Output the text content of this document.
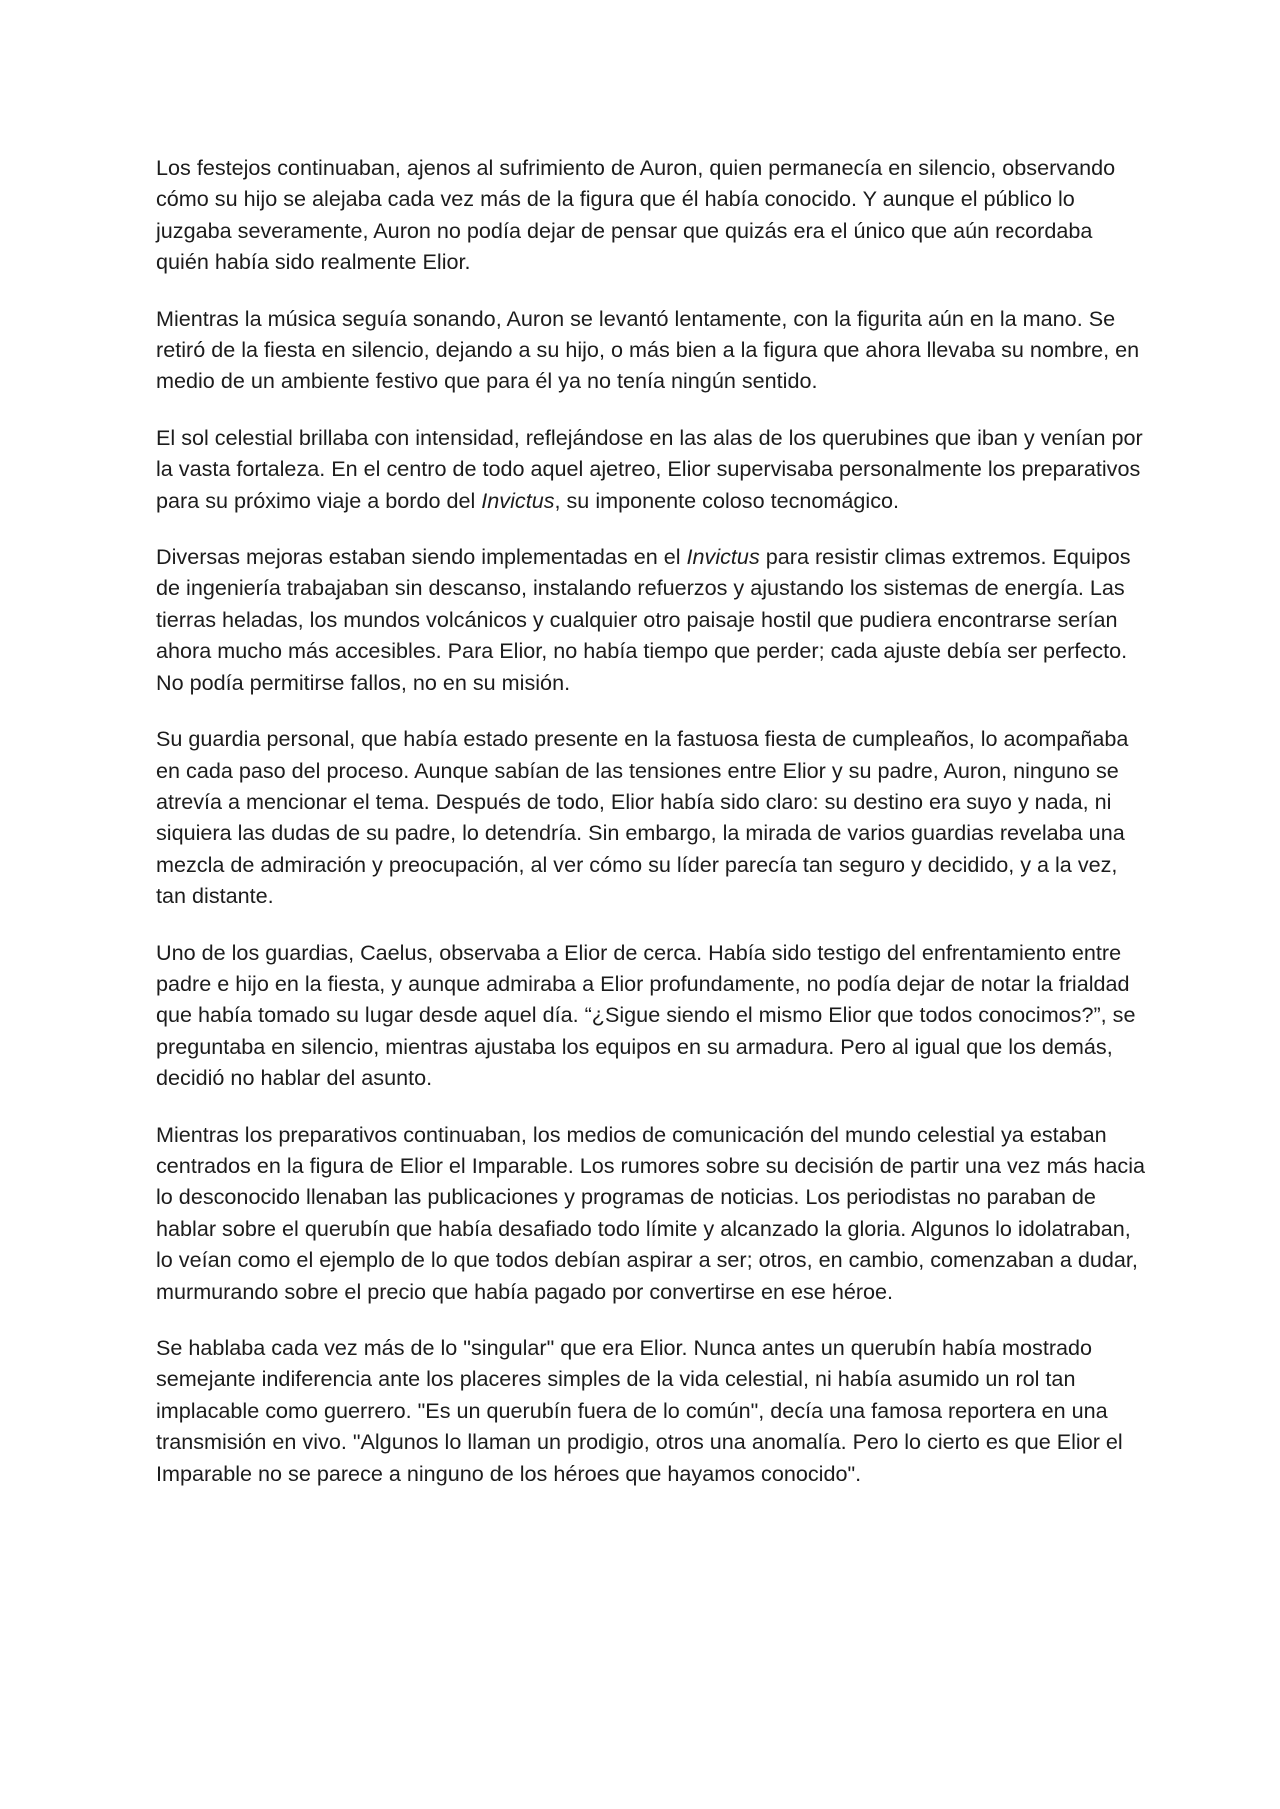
Los festejos continuaban, ajenos al sufrimiento de Auron, quien permanecía en silencio, observando cómo su hijo se alejaba cada vez más de la figura que él había conocido. Y aunque el público lo juzgaba severamente, Auron no podía dejar de pensar que quizás era el único que aún recordaba quién había sido realmente Elior.

Mientras la música seguía sonando, Auron se levantó lentamente, con la figurita aún en la mano. Se retiró de la fiesta en silencio, dejando a su hijo, o más bien a la figura que ahora llevaba su nombre, en medio de un ambiente festivo que para él ya no tenía ningún sentido.

El sol celestial brillaba con intensidad, reflejándose en las alas de los querubines que iban y venían por la vasta fortaleza. En el centro de todo aquel ajetreo, Elior supervisaba personalmente los preparativos para su próximo viaje a bordo del Invictus, su imponente coloso tecnomágico.

Diversas mejoras estaban siendo implementadas en el Invictus para resistir climas extremos. Equipos de ingeniería trabajaban sin descanso, instalando refuerzos y ajustando los sistemas de energía. Las tierras heladas, los mundos volcánicos y cualquier otro paisaje hostil que pudiera encontrarse serían ahora mucho más accesibles. Para Elior, no había tiempo que perder; cada ajuste debía ser perfecto. No podía permitirse fallos, no en su misión.

Su guardia personal, que había estado presente en la fastuosa fiesta de cumpleaños, lo acompañaba en cada paso del proceso. Aunque sabían de las tensiones entre Elior y su padre, Auron, ninguno se atrevía a mencionar el tema. Después de todo, Elior había sido claro: su destino era suyo y nada, ni siquiera las dudas de su padre, lo detendría. Sin embargo, la mirada de varios guardias revelaba una mezcla de admiración y preocupación, al ver cómo su líder parecía tan seguro y decidido, y a la vez, tan distante.

Uno de los guardias, Caelus, observaba a Elior de cerca. Había sido testigo del enfrentamiento entre padre e hijo en la fiesta, y aunque admiraba a Elior profundamente, no podía dejar de notar la frialdad que había tomado su lugar desde aquel día. “¿Sigue siendo el mismo Elior que todos conocimos?”, se preguntaba en silencio, mientras ajustaba los equipos en su armadura. Pero al igual que los demás, decidió no hablar del asunto.

Mientras los preparativos continuaban, los medios de comunicación del mundo celestial ya estaban centrados en la figura de Elior el Imparable. Los rumores sobre su decisión de partir una vez más hacia lo desconocido llenaban las publicaciones y programas de noticias. Los periodistas no paraban de hablar sobre el querubín que había desafiado todo límite y alcanzado la gloria. Algunos lo idolatraban, lo veían como el ejemplo de lo que todos debían aspirar a ser; otros, en cambio, comenzaban a dudar, murmurando sobre el precio que había pagado por convertirse en ese héroe.

Se hablaba cada vez más de lo "singular" que era Elior. Nunca antes un querubín había mostrado semejante indiferencia ante los placeres simples de la vida celestial, ni había asumido un rol tan implacable como guerrero. "Es un querubín fuera de lo común", decía una famosa reportera en una transmisión en vivo. "Algunos lo llaman un prodigio, otros una anomalía. Pero lo cierto es que Elior el Imparable no se parece a ninguno de los héroes que hayamos conocido".
